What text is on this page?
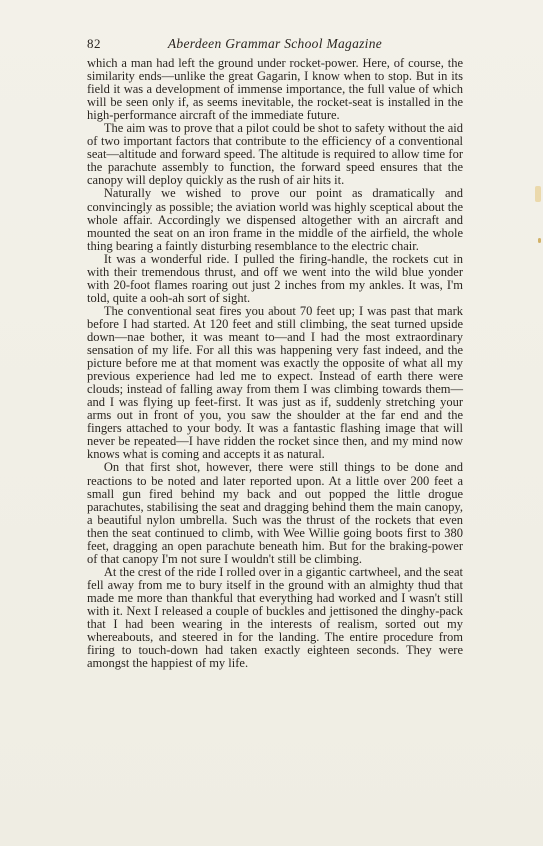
82	Aberdeen Grammar School Magazine

which a man had left the ground under rocket-power. Here, of course, the similarity ends—unlike the great Gagarin, I know when to stop. But in its field it was a development of immense importance, the full value of which will be seen only if, as seems inevitable, the rocket-seat is installed in the high-performance aircraft of the immediate future.

The aim was to prove that a pilot could be shot to safety without the aid of two important factors that contribute to the efficiency of a conventional seat—altitude and forward speed. The altitude is required to allow time for the parachute assembly to function, the forward speed ensures that the canopy will deploy quickly as the rush of air hits it.

Naturally we wished to prove our point as dramatically and convincingly as possible; the aviation world was highly sceptical about the whole affair. Accordingly we dispensed altogether with an aircraft and mounted the seat on an iron frame in the middle of the airfield, the whole thing bearing a faintly disturbing resemblance to the electric chair.

It was a wonderful ride. I pulled the firing-handle, the rockets cut in with their tremendous thrust, and off we went into the wild blue yonder with 20-foot flames roaring out just 2 inches from my ankles. It was, I'm told, quite a ooh-ah sort of sight.

The conventional seat fires you about 70 feet up; I was past that mark before I had started. At 120 feet and still climbing, the seat turned upside down—nae bother, it was meant to—and I had the most extraordinary sensation of my life. For all this was happening very fast indeed, and the picture before me at that moment was exactly the opposite of what all my previous experience had led me to expect. Instead of earth there were clouds; instead of falling away from them I was climbing towards them—and I was flying up feet-first. It was just as if, suddenly stretching your arms out in front of you, you saw the shoulder at the far end and the fingers attached to your body. It was a fantastic flashing image that will never be repeated—I have ridden the rocket since then, and my mind now knows what is coming and accepts it as natural.

On that first shot, however, there were still things to be done and reactions to be noted and later reported upon. At a little over 200 feet a small gun fired behind my back and out popped the little drogue parachutes, stabilising the seat and dragging behind them the main canopy, a beautiful nylon umbrella. Such was the thrust of the rockets that even then the seat continued to climb, with Wee Willie going boots first to 380 feet, dragging an open parachute beneath him. But for the braking-power of that canopy I'm not sure I wouldn't still be climbing.

At the crest of the ride I rolled over in a gigantic cartwheel, and the seat fell away from me to bury itself in the ground with an almighty thud that made me more than thankful that everything had worked and I wasn't still with it. Next I released a couple of buckles and jettisoned the dinghy-pack that I had been wearing in the interests of realism, sorted out my whereabouts, and steered in for the landing. The entire procedure from firing to touch-down had taken exactly eighteen seconds. They were amongst the happiest of my life.
